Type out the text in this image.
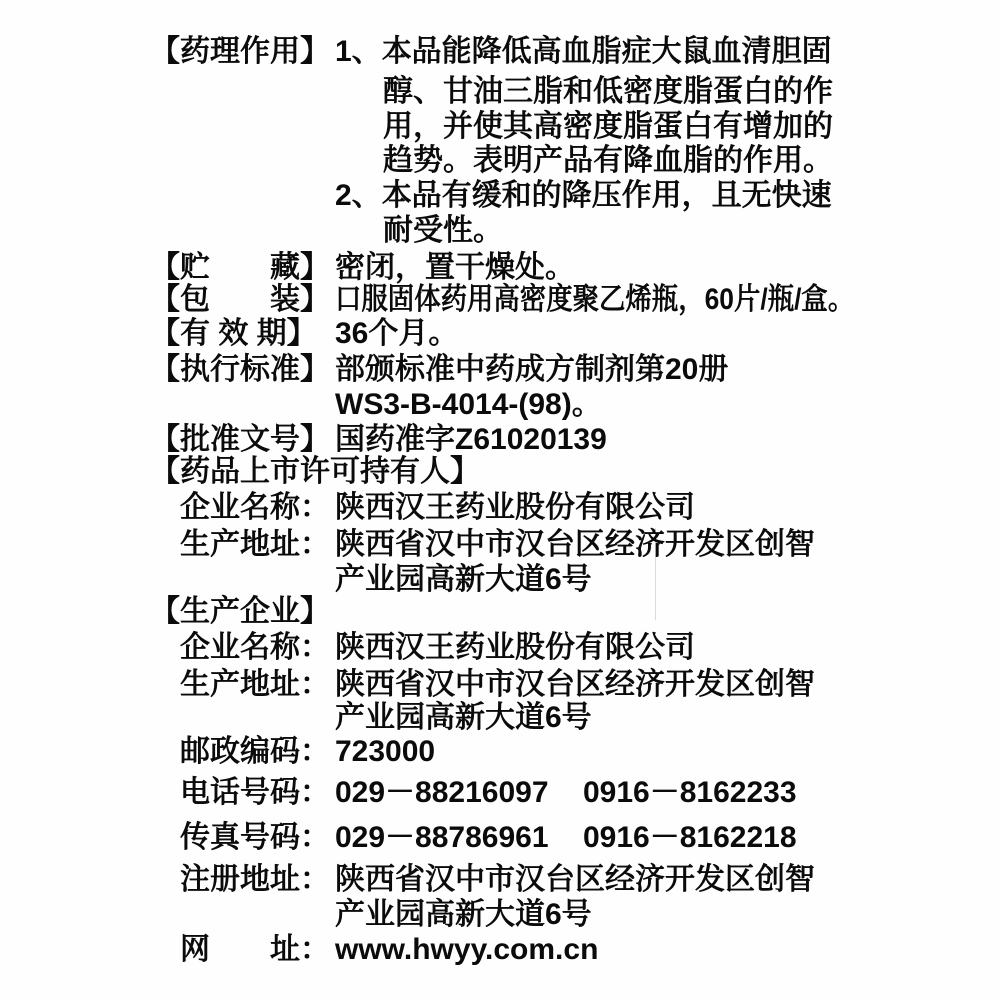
【药理作用】 1、本品能降低高血脂症大鼠血清胆固
醇、甘油三脂和低密度脂蛋白的作
用，并使其高密度脂蛋白有增加的
趋势。表明产品有降血脂的作用。
2、本品有缓和的降压作用，且无快速
耐受性。
【贮　　藏】 密闭，置干燥处。
【包　　装】 口服固体药用高密度聚乙烯瓶，60片/瓶/盒。
【有 效 期】 36个月。
【执行标准】 部颁标准中药成方制剂第20册
WS3-B-4014-(98)。
【批准文号】 国药准字Z61020139
【药品上市许可持有人】
企业名称： 陕西汉王药业股份有限公司
生产地址： 陕西省汉中市汉台区经济开发区创智
产业园高新大道6号
【生产企业】
企业名称： 陕西汉王药业股份有限公司
生产地址： 陕西省汉中市汉台区经济开发区创智
产业园高新大道6号
邮政编码： 723000
电话号码： 029－88216097 0916－8162233
传真号码： 029－88786961 0916－8162218
注册地址： 陕西省汉中市汉台区经济开发区创智
产业园高新大道6号
网　　址： www.hwyy.com.cn
